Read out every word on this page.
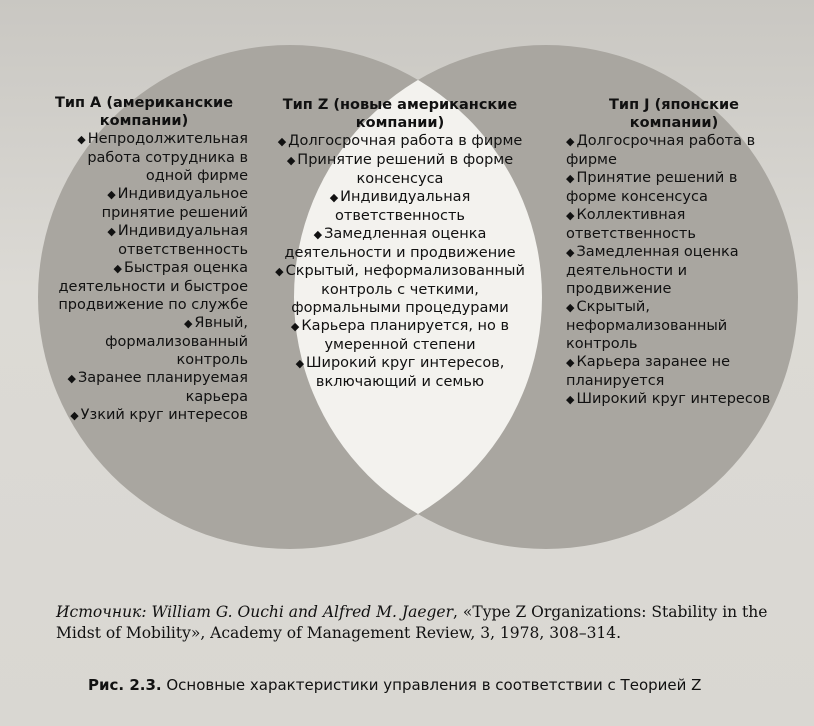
Тип A (американские компании)
◆ Непродолжительная работа сотрудника в одной фирме
◆ Индивидуальное принятие решений
◆ Индивидуальная ответственность
◆ Быстрая оценка деятельности и быстрое продвижение по службе
◆ Явный, формализованный контроль
◆ Заранее планируемая карьера
◆ Узкий круг интересов
Тип Z (новые американские компании)
◆ Долгосрочная работа в фирме
◆ Принятие решений в форме консенсуса
◆ Индивидуальная ответственность
◆ Замедленная оценка деятельности и продвижение
◆ Скрытый, неформализованный контроль с четкими, формальными процедурами
◆ Карьера планируется, но в умеренной степени
◆ Широкий круг интересов, включающий и семью
Тип J (японские компании)
◆ Долгосрочная работа в фирме
◆ Принятие решений в форме консенсуса
◆ Коллективная ответственность
◆ Замедленная оценка деятельности и продвижение
◆ Скрытый, неформализованный контроль
◆ Карьера заранее не планируется
◆ Широкий круг интересов
Источник: William G. Ouchi and Alfred M. Jaeger, «Type Z Organizations: Stability in the Midst of Mobility», Academy of Management Review, 3, 1978, 308–314.
Рис. 2.3. Основные характеристики управления в соответствии с Теорией Z
